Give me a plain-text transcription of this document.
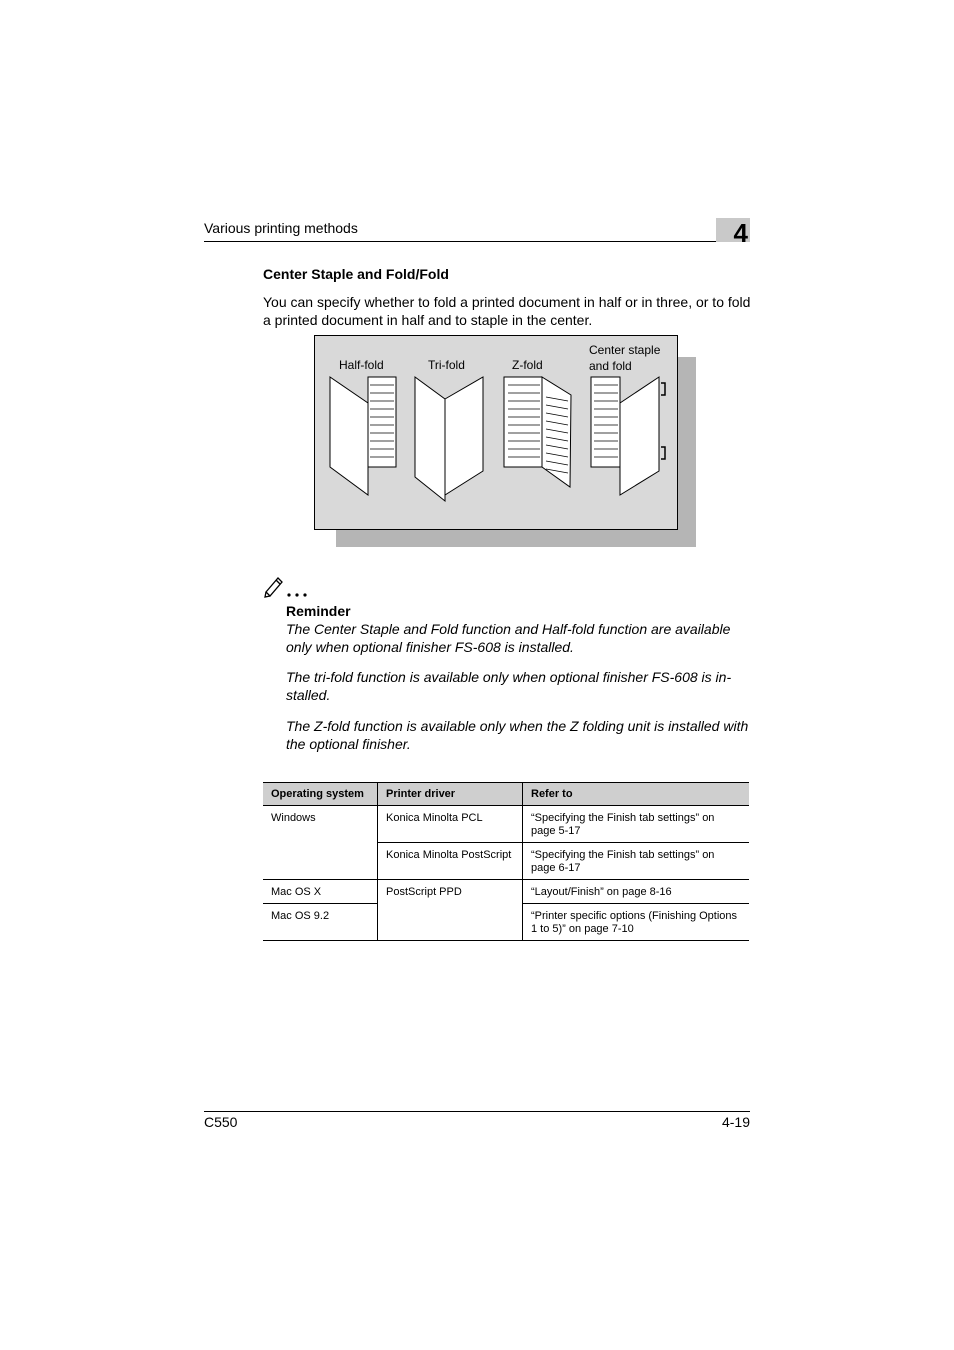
Various printing methods	4
Center Staple and Fold/Fold
You can specify whether to fold a printed document in half or in three, or to fold a printed document in half and to staple in the center.
Half-fold	Tri-fold	Z-fold
Center staple
and fold
Reminder
The Center Staple and Fold function and Half-fold function are available only when optional finisher FS-608 is installed.
The tri-fold function is available only when optional finisher FS-608 is in-stalled.
The Z-fold function is available only when the Z folding unit is installed with the optional finisher.
Operating system	Printer driver	Refer to
Windows	Konica Minolta PCL	“Specifying the Finish tab settings” on page 5-17
	Konica Minolta PostScript	“Specifying the Finish tab settings” on page 6-17
Mac OS X	PostScript PPD	“Layout/Finish” on page 8-16
Mac OS 9.2		“Printer specific options (Finishing Options 1 to 5)” on page 7-10
C550	4-19
